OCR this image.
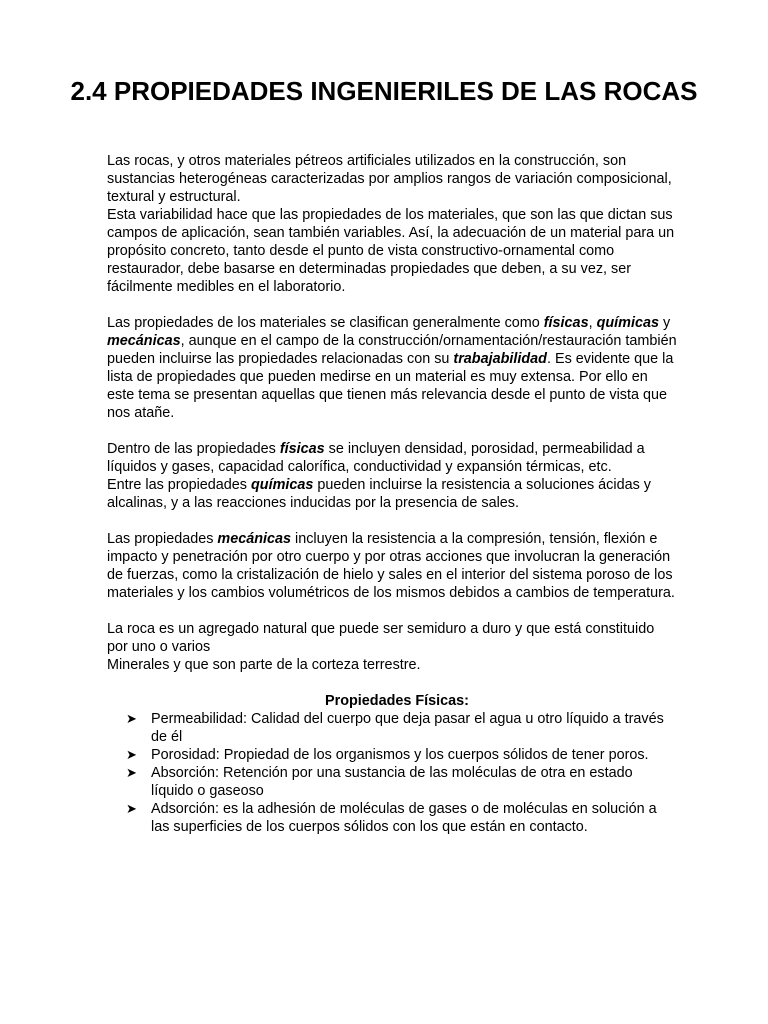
2.4 PROPIEDADES INGENIERILES DE LAS ROCAS

Las rocas, y otros materiales pétreos artificiales utilizados en la construcción, son sustancias heterogéneas caracterizadas por amplios rangos de variación composicional, textural y estructural.
Esta variabilidad hace que las propiedades de los materiales, que son las que dictan sus campos de aplicación, sean también variables. Así, la adecuación de un material para un propósito concreto, tanto desde el punto de vista constructivo-ornamental como restaurador, debe basarse en determinadas propiedades que deben, a su vez, ser fácilmente medibles en el laboratorio.

Las propiedades de los materiales se clasifican generalmente como físicas, químicas y mecánicas, aunque en el campo de la construcción/ornamentación/restauración también pueden incluirse las propiedades relacionadas con su trabajabilidad. Es evidente que la lista de propiedades que pueden medirse en un material es muy extensa. Por ello en este tema se presentan aquellas que tienen más relevancia desde el punto de vista que nos atañe.

Dentro de las propiedades físicas se incluyen densidad, porosidad, permeabilidad a líquidos y gases, capacidad calorífica, conductividad y expansión térmicas, etc.
Entre las propiedades químicas pueden incluirse la resistencia a soluciones ácidas y alcalinas, y a las reacciones inducidas por la presencia de sales.

Las propiedades mecánicas incluyen la resistencia a la compresión, tensión, flexión e impacto y penetración por otro cuerpo y por otras acciones que involucran la generación de fuerzas, como la cristalización de hielo y sales en el interior del sistema poroso de los materiales y los cambios volumétricos de los mismos debidos a cambios de temperatura.

La roca es un agregado natural que puede ser semiduro a duro y que está constituido por uno o varios
Minerales y que son parte de la corteza terrestre.

Propiedades Físicas:

➤ Permeabilidad: Calidad del cuerpo que deja pasar el agua u otro líquido a través de él
➤ Porosidad: Propiedad de los organismos y los cuerpos sólidos de tener poros.
➤ Absorción: Retención por una sustancia de las moléculas de otra en estado líquido o gaseoso
➤ Adsorción: es la adhesión de moléculas de gases o de moléculas en solución a las superficies de los cuerpos sólidos con los que están en contacto.
